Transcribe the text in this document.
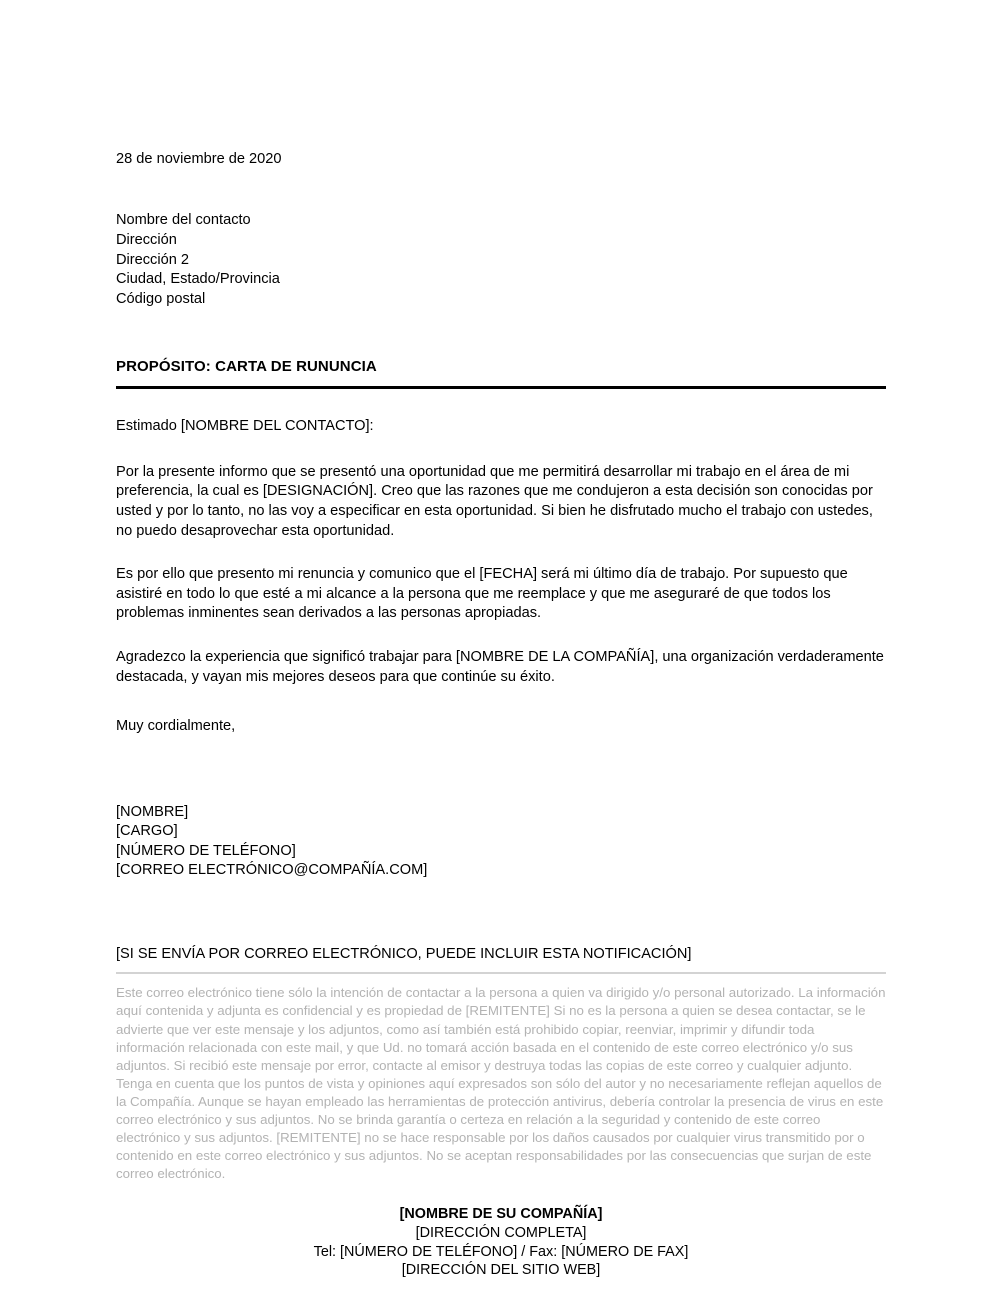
28 de noviembre de 2020
Nombre del contacto
Dirección
Dirección 2
Ciudad, Estado/Provincia
Código postal
PROPÓSITO: CARTA DE RUNUNCIA
Estimado [NOMBRE DEL CONTACTO]:

Por la presente informo que se presentó una oportunidad que me permitirá desarrollar mi trabajo en el área de mi preferencia, la cual es [DESIGNACIÓN]. Creo que las razones que me condujeron a esta decisión son conocidas por usted y por lo tanto, no las voy a especificar en esta oportunidad. Si bien he disfrutado mucho el trabajo con ustedes, no puedo desaprovechar esta oportunidad.

Es por ello que presento mi renuncia y comunico que el [FECHA] será mi último día de trabajo. Por supuesto que asistiré en todo lo que esté a mi alcance a la persona que me reemplace y que me aseguraré de que todos los problemas inminentes sean derivados a las personas apropiadas.

Agradezco la experiencia que significó trabajar para [NOMBRE DE LA COMPAÑÍA], una organización verdaderamente destacada, y vayan mis mejores deseos para que continúe su éxito.

Muy cordialmente,
[NOMBRE]
[CARGO]
[NÚMERO DE TELÉFONO]
[CORREO ELECTRÓNICO@COMPAÑÍA.COM]
[SI SE ENVÍA POR CORREO ELECTRÓNICO, PUEDE INCLUIR ESTA NOTIFICACIÓN]

Este correo electrónico tiene sólo la intención de contactar a la persona a quien va dirigido y/o personal autorizado. La información aquí contenida y adjunta es confidencial y es propiedad de [REMITENTE] Si no es la persona a quien se desea contactar, se le advierte que ver este mensaje y los adjuntos, como así también está prohibido copiar, reenviar, imprimir y difundir toda información relacionada con este mail, y que Ud. no tomará acción basada en el contenido de este correo electrónico y/o sus adjuntos. Si recibió este mensaje por error, contacte al emisor y destruya todas las copias de este correo y cualquier adjunto. Tenga en cuenta que los puntos de vista y opiniones aquí expresados son sólo del autor y no necesariamente reflejan aquellos de la Compañía. Aunque se hayan empleado las herramientas de protección antivirus, debería controlar la presencia de virus en este correo electrónico y sus adjuntos. No se brinda garantía o certeza en relación a la seguridad y contenido de este correo electrónico y sus adjuntos. [REMITENTE] no se hace responsable por los daños causados por cualquier virus transmitido por o contenido en este correo electrónico y sus adjuntos. No se aceptan responsabilidades por las consecuencias que surjan de este correo electrónico.

[NOMBRE DE SU COMPAÑÍA]
[DIRECCIÓN COMPLETA]
Tel: [NÚMERO DE TELÉFONO] / Fax: [NÚMERO DE FAX]
[DIRECCIÓN DEL SITIO WEB]
